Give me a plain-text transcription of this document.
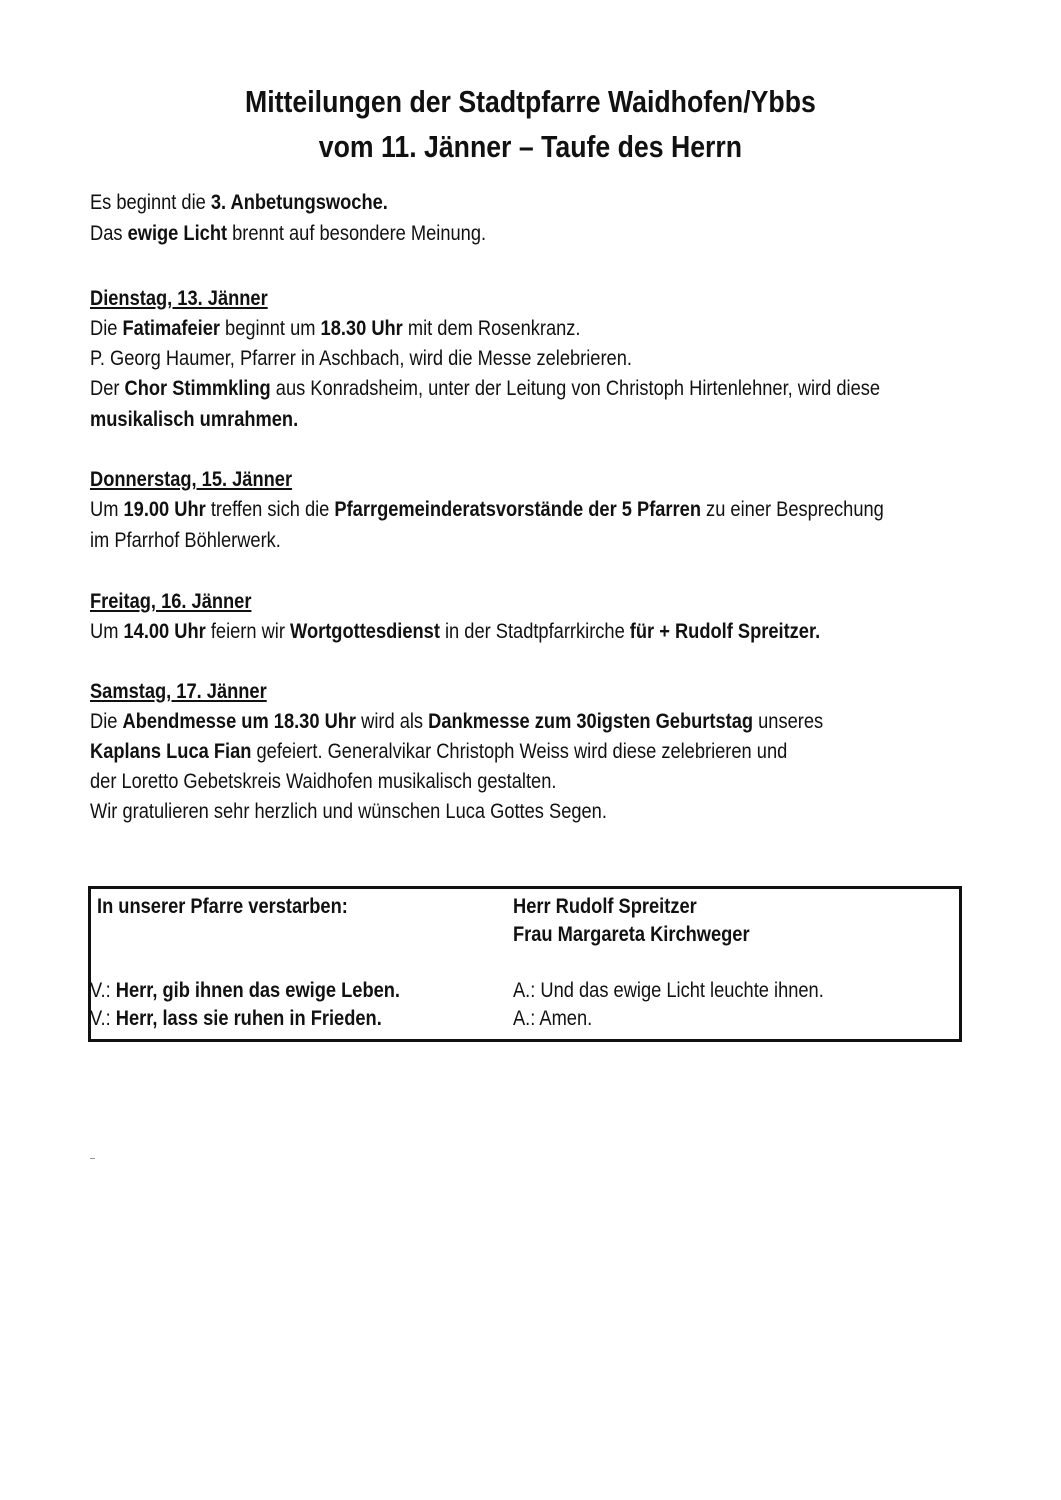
Mitteilungen der Stadtpfarre Waidhofen/Ybbs
vom 11. Jänner – Taufe des Herrn
Es beginnt die 3. Anbetungswoche.
Das ewige Licht brennt auf besondere Meinung.
Dienstag, 13. Jänner
Die Fatimafeier beginnt um 18.30 Uhr mit dem Rosenkranz.
P. Georg Haumer, Pfarrer in Aschbach, wird die Messe zelebrieren.
Der Chor Stimmkling aus Konradsheim, unter der Leitung von Christoph Hirtenlehner, wird diese
musikalisch umrahmen.
Donnerstag, 15. Jänner
Um 19.00 Uhr treffen sich die Pfarrgemeinderatsvorstände der 5 Pfarren zu einer Besprechung
im Pfarrhof Böhlerwerk.
Freitag, 16. Jänner
Um 14.00 Uhr feiern wir Wortgottesdienst in der Stadtpfarrkirche für + Rudolf Spreitzer.
Samstag, 17. Jänner
Die Abendmesse um 18.30 Uhr wird als Dankmesse zum 30igsten Geburtstag unseres
Kaplans Luca Fian gefeiert. Generalvikar Christoph Weiss wird diese zelebrieren und
der Loretto Gebetskreis Waidhofen musikalisch gestalten.
Wir gratulieren sehr herzlich und wünschen Luca Gottes Segen.
In unserer Pfarre verstarben:	Herr Rudolf Spreitzer
Frau Margareta Kirchweger
V.: Herr, gib ihnen das ewige Leben.
V.: Herr, lass sie ruhen in Frieden.
A.: Und das ewige Licht leuchte ihnen.
A.: Amen.
